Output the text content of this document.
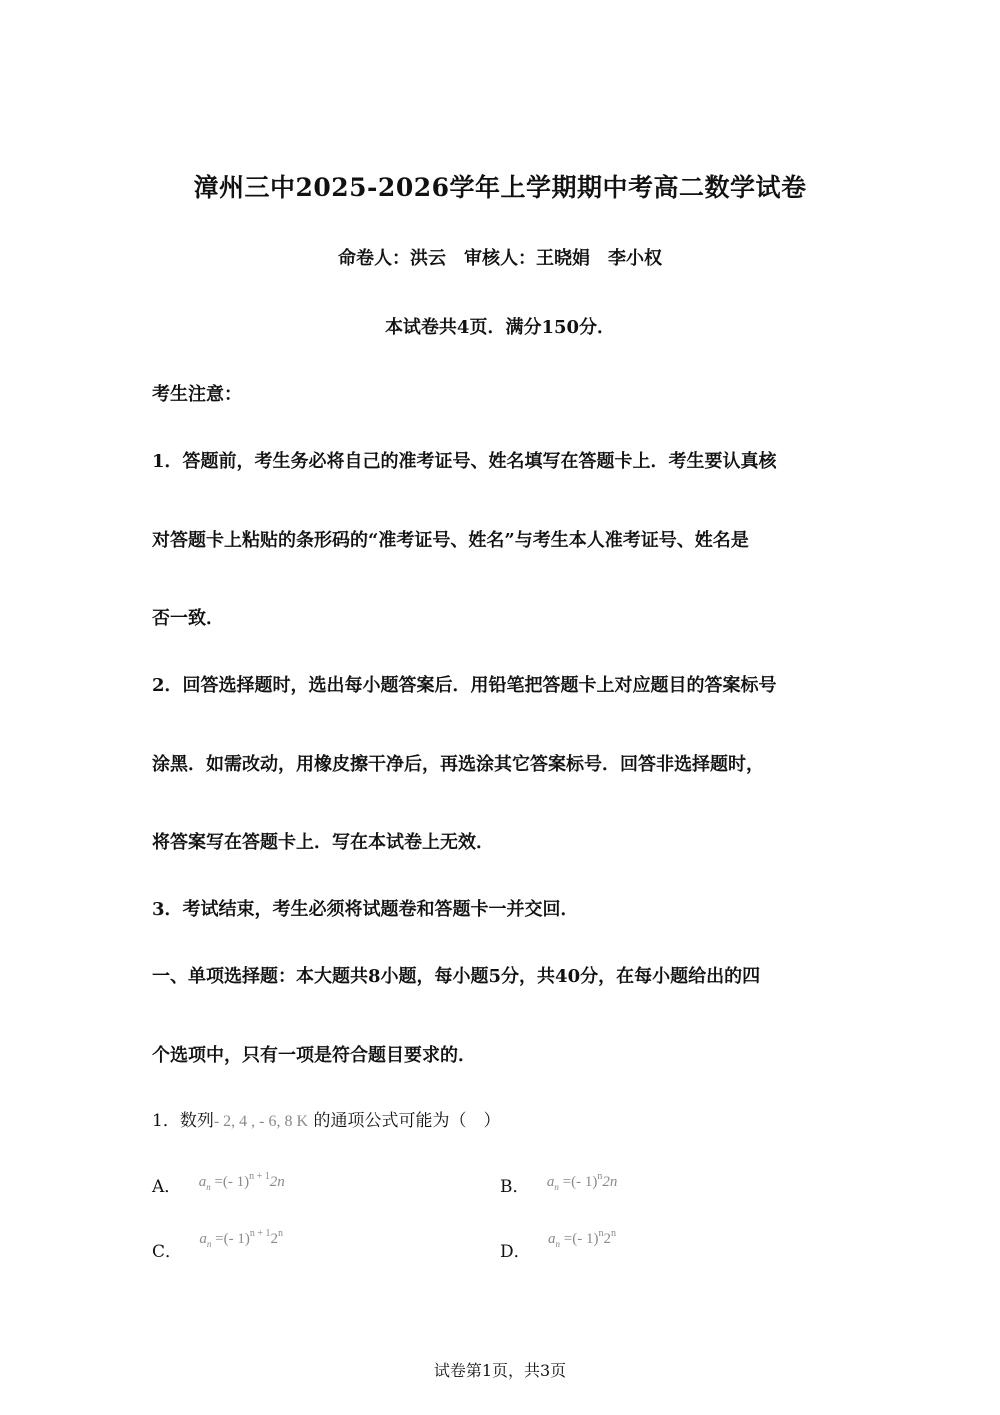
漳州三中2025-2026学年上学期期中考高二数学试卷
命卷人：洪云　审核人：王晓娟　李小权
本试卷共4页．满分150分．
考生注意：
1．答题前，考生务必将自己的准考证号、姓名填写在答题卡上．考生要认真核
对答题卡上粘贴的条形码的“准考证号、姓名”与考生本人准考证号、姓名是
否一致．
2．回答选择题时，选出每小题答案后．用铅笔把答题卡上对应题目的答案标号
涂黑．如需改动，用橡皮擦干净后，再选涂其它答案标号．回答非选择题时，
将答案写在答题卡上．写在本试卷上无效．
3．考试结束，考生必须将试题卷和答题卡一并交回．
一、单项选择题：本大题共8小题，每小题5分，共40分，在每小题给出的四
个选项中，只有一项是符合题目要求的．
1．数列- 2, 4 , - 6, 8 K 的通项公式可能为（　）
A． $a_n$ =(- 1)$^{n + 1}$2n	B． $a_n$ =(- 1)$^n$2n
C． $a_n$ =(- 1)$^{n + 1}$2$^n$
D． $a_n$ =(- 1)$^n$2$^n$
试卷第1页，共3页
